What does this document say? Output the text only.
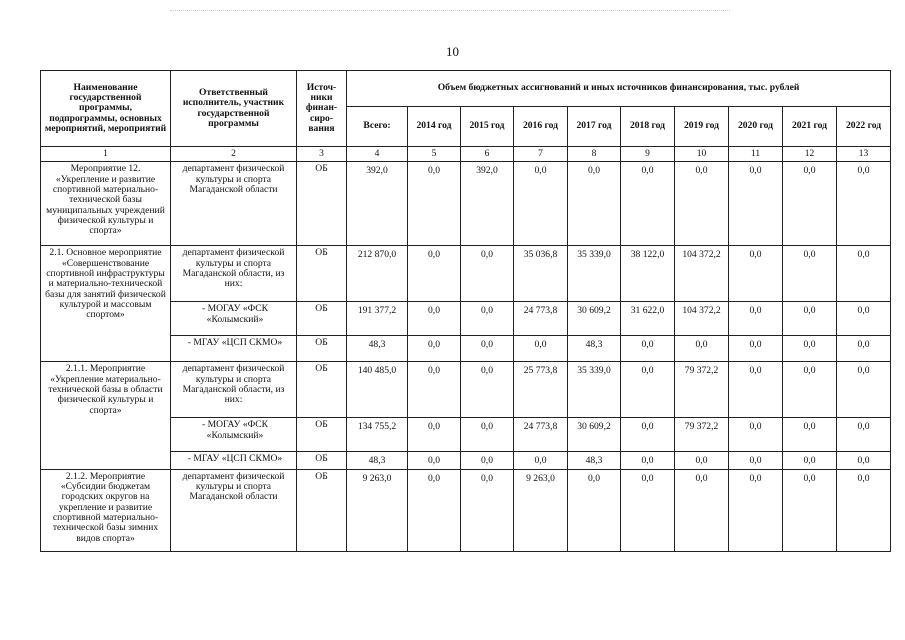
10
Наименование государственной программы, подпрограммы, основных мероприятий, мероприятий	Ответственный исполнитель, участник государственной программы	Источ-ники финан-сиро-вания	Объем бюджетных ассигнований и иных источников финансирования, тыс. рублей									
			Всего:	2014 год	2015 год	2016 год	2017 год	2018 год	2019 год	2020 год	2021 год	2022 год
1	2	3	4	5	6	7	8	9	10	11	12	13
Мероприятие 12. «Укрепление и развитие спортивной материально-технической базы муниципальных учреждений физической культуры и спорта»	департамент физической культуры и спорта Магаданской области	ОБ	392,0	0,0	392,0	0,0	0,0	0,0	0,0	0,0	0,0	0,0
2.1. Основное мероприятие «Совершенствование спортивной инфраструктуры и материально-технической базы для занятий физической культурой и массовым спортом»	департамент физической культуры и спорта Магаданской области, из них:	ОБ	212 870,0	0,0	0,0	35 036,8	35 339,0	38 122,0	104 372,2	0,0	0,0	0,0
	- МОГАУ «ФСК «Колымский»	ОБ	191 377,2	0,0	0,0	24 773,8	30 609,2	31 622,0	104 372,2	0,0	0,0	0,0
	- МГАУ «ЦСП СКМО»	ОБ	48,3	0,0	0,0	0,0	48,3	0,0	0,0	0,0	0,0	0,0
2.1.1. Мероприятие «Укрепление материально-технической базы в области физической культуры и спорта»	департамент физической культуры и спорта Магаданской области, из них:	ОБ	140 485,0	0,0	0,0	25 773,8	35 339,0	0,0	79 372,2	0,0	0,0	0,0
	- МОГАУ «ФСК «Колымский»	ОБ	134 755,2	0,0	0,0	24 773,8	30 609,2	0,0	79 372,2	0,0	0,0	0,0
	- МГАУ «ЦСП СКМО»	ОБ	48,3	0,0	0,0	0,0	48,3	0,0	0,0	0,0	0,0	0,0
2.1.2. Мероприятие «Субсидии бюджетам городских округов на укрепление и развитие спортивной материально-технической базы зимних видов спорта»	департамент физической культуры и спорта Магаданской области	ОБ	9 263,0	0,0	0,0	9 263,0	0,0	0,0	0,0	0,0	0,0	0,0
